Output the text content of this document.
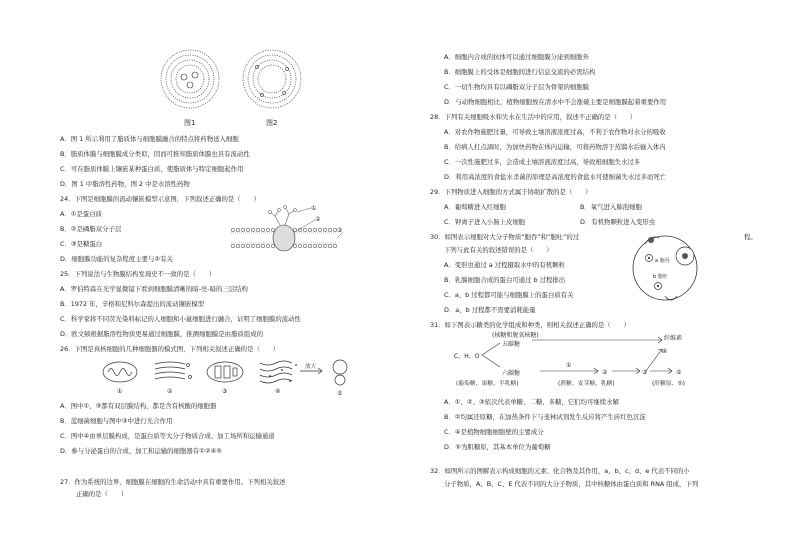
图1	图2
A．图 1 所示利用了脂质体与细胞膜融合的特点将药物送入细胞
B．脂质体膜与细胞膜成分类似，因而可推知脂质体膜也具有流动性
C．可在脂质体膜上镶嵌某种蛋白质，使脂质体与特定细胞起作用
D．图 1 中脂溶性药物，图 2 中是水溶性药物
24．下图是细胞膜的流动镶嵌模型示意图，下列叙述正确的是（　　）
A．①是蛋白质
B．②是磷脂双分子层
C．③是糖蛋白
D．细胞膜功能的复杂程度主要与②有关
①
②
③
25．下列说法与生物膜结构发现史不一致的是（　　）
A．罗伯特森在光学显微镜下看到细胞膜清晰的暗-亮-暗的三层结构
B．1972 年，辛格和尼科尔森提出的流动镶嵌模型
C．科学家将不同荧光染料标记的人细胞和小鼠细胞进行融合，证明了细胞膜的流动性
D．欧文顿根据脂溶性物质更易通过细胞膜，推测细胞膜是由脂质组成的
26．下图是真核细胞的几种细胞器的模式图，下列相关叙述正确的是（　　）
放大
①	②	③	④	⑤
A．图中①、③都有双层膜结构，都是含有核酸的细胞器
B．蓝细菌细胞与图中③中进行光合作用
C．图中④由单层膜构成，是蛋白质等大分子物质合成、加工场所和运输通道
D．参与分泌蛋白的合成、加工和运输的细胞器有①②④⑤
27．作为系统的边界，细胞膜在细胞的生命活动中具有重要作用。下列相关叙述
正确的是（　　）
A．细胞内合成的抗体可以通过细胞膜分泌到细胞外
B．细胞膜上的受体是细胞间进行信息交流的必需结构
C．一切生物均具有以磷脂双分子层为骨架的细胞膜
D．与动物细胞相比，植物细胞放在清水中不会涨破主要是细胞膜起着重要作用
28．下列有关细胞吸水和失水在生活中的应用，叙述不正确的是（　　）
A．对农作物施肥过量，可导致土壤溶液浓度过高，不利于农作物对水分的吸收
B．给病人打点滴时，为加快药物在体内运输，可将药物溶于蒸馏水后输入体内
C．一次性施肥过多，会造成土壤溶液浓度过高，导致根细胞失水过多
D．利用高浓度的食盐水杀菌的原理是高浓度的食盐水可使细菌失水过多而死亡
29．下列物质进入细胞的方式属于协助扩散的是（　　）
A．葡萄糖进入红细胞	B．氧气进入肺泡细胞
C．钾离子进入小肠上皮细胞	D．有机物颗粒进入变形虫
30．如图表示细胞对大分子物质“胞吞”和“胞吐”的过	程。
下列与此有关的叙述错误的是（　　）
A．变形虫通过 a 过程摄取水中的有机颗粒
B．乳腺细胞合成的蛋白可通过 b 过程排出
C．a、b 过程都可能与细胞膜上的蛋白质有关
D．a、b 过程都不需要消耗能量
a 胞吞
b 胞吐
31．如下图表示糖类的化学组成和种类，则相关叙述正确的是（　　）
(核糖和脱氧核糖)
五碳糖
C、H、O
六碳糖
(葡萄糖、果糖、半乳糖)	(蔗糖、麦芽糖、乳糖)	(肝糖原、⑤)
纤维素
①
②	③
④
⑤
A．①、②、③依次代表单糖、二糖、多糖，它们均可继续水解
B．②均属还原糖，在加热条件下与斐林试剂发生反应将产生砖红色沉淀
C．④是植物细胞细胞壁的主要成分
D．⑤为肌糖原，其基本单位为葡萄糖
32．如图所示的图解表示构成细胞的元素、化合物及其作用，a、b、c、d、e 代表不同的小
分子物质，A、B、C、E 代表不同的大分子物质，其中核糖体由蛋白质和 RNA 组成，下列
